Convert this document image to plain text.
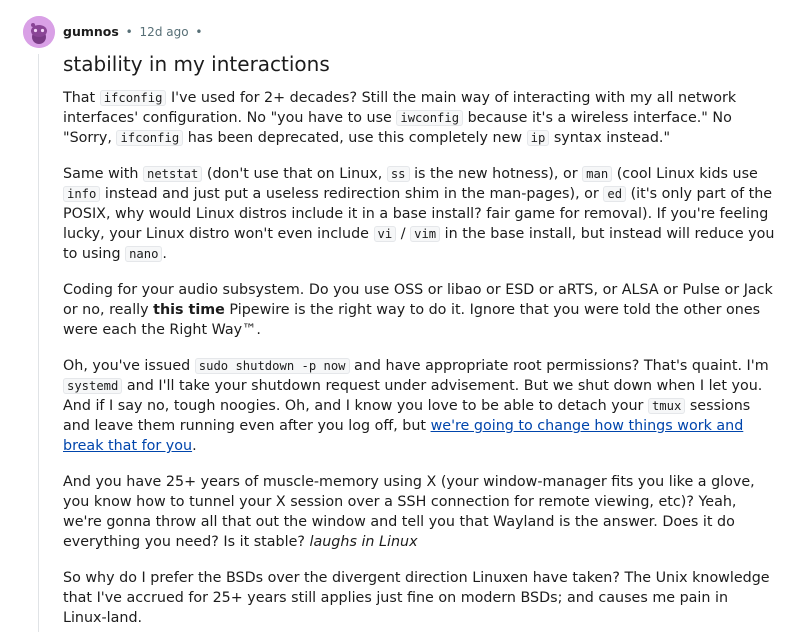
gumnos • 12d ago •
stability in my interactions

That ifconfig I've used for 2+ decades? Still the main way of interacting with my all network interfaces' configuration. No "you have to use iwconfig because it's a wireless interface." No "Sorry, ifconfig has been deprecated, use this completely new ip syntax instead."

Same with netstat (don't use that on Linux, ss is the new hotness), or man (cool Linux kids use info instead and just put a useless redirection shim in the man-pages), or ed (it's only part of the POSIX, why would Linux distros include it in a base install? fair game for removal). If you're feeling lucky, your Linux distro won't even include vi / vim in the base install, but instead will reduce you to using nano .

Coding for your audio subsystem. Do you use OSS or libao or ESD or aRTS, or ALSA or Pulse or Jack or no, really this time Pipewire is the right way to do it. Ignore that you were told the other ones were each the Right Way™.

Oh, you've issued sudo shutdown -p now and have appropriate root permissions? That's quaint. I'm systemd and I'll take your shutdown request under advisement. But we shut down when I let you. And if I say no, tough noogies. Oh, and I know you love to be able to detach your tmux sessions and leave them running even after you log off, but we're going to change how things work and break that for you.

And you have 25+ years of muscle-memory using X (your window-manager fits you like a glove, you know how to tunnel your X session over a SSH connection for remote viewing, etc)? Yeah, we're gonna throw all that out the window and tell you that Wayland is the answer. Does it do everything you need? Is it stable? laughs in Linux

So why do I prefer the BSDs over the divergent direction Linuxen have taken? The Unix knowledge that I've accrued for 25+ years still applies just fine on modern BSDs; and causes me pain in Linux-land.
